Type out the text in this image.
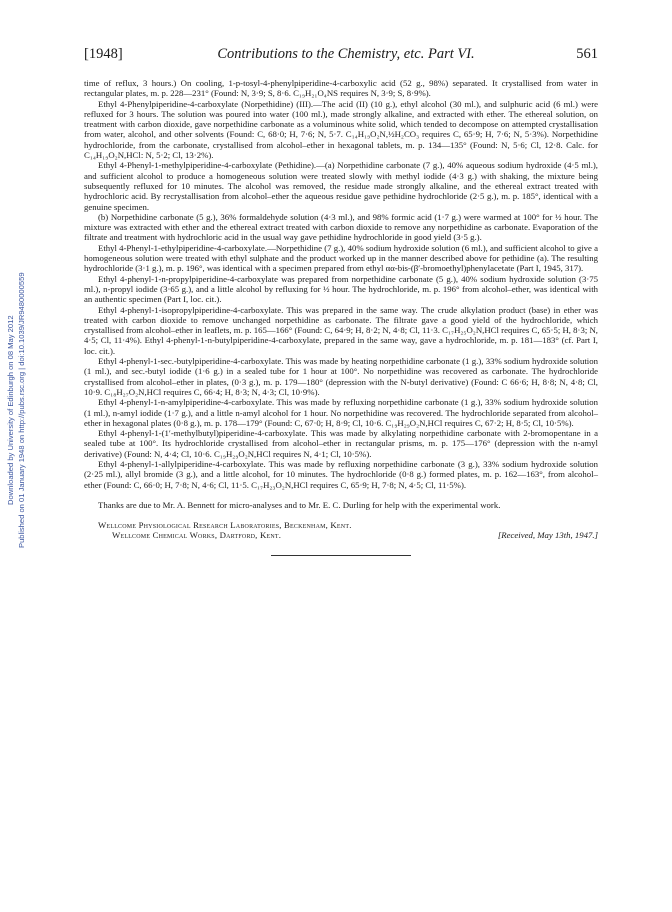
Downloaded by University of Edinburgh on 08 May 2012 Published on 01 January 1948 on http://pubs.rsc.org | doi:10.1039/JR9480000559
[1948]	Contributions to the Chemistry, etc. Part VI.	561

time of reflux, 3 hours.) On cooling, 1-p-tosyl-4-phenylpiperidine-4-carboxylic acid (52 g., 98%) separated. It crystallised from water in rectangular plates, m. p. 228—231° (Found: N, 3·9; S, 8·6. C₁₉H₂₁O₄NS requires N, 3·9; S, 8·9%).

Ethyl 4-Phenylpiperidine-4-carboxylate (Norpethidine) (III).—The acid (II) (10 g.), ethyl alcohol (30 ml.), and sulphuric acid (6 ml.) were refluxed for 3 hours. The solution was poured into water (100 ml.), made strongly alkaline, and extracted with ether. The ethereal solution, on treatment with carbon dioxide, gave norpethidine carbonate as a voluminous white solid, which tended to decompose on attempted crystallisation from water, alcohol, and other solvents (Found: C, 68·0; H, 7·6; N, 5·7. C₁₄H₁₉O₂N,½H₂CO₃ requires C, 65·9; H, 7·6; N, 5·3%). Norpethidine hydrochloride, from the carbonate, crystallised from alcohol–ether in hexagonal tablets, m. p. 134—135° (Found: N, 5·6; Cl, 12·8. Calc. for C₁₄H₁₉O₂N,HCl: N, 5·2; Cl, 13·2%).

Ethyl 4-Phenyl-1-methylpiperidine-4-carboxylate (Pethidine).—(a) Norpethidine carbonate (7 g.), 40% aqueous sodium hydroxide (4·5 ml.), and sufficient alcohol to produce a homogeneous solution were treated slowly with methyl iodide (4·3 g.) with shaking, the mixture being subsequently refluxed for 10 minutes. The alcohol was removed, the residue made strongly alkaline, and the ethereal extract treated with hydrochloric acid. By recrystallisation from alcohol–ether the aqueous residue gave pethidine hydrochloride (2·5 g.), m. p. 185°, identical with a genuine specimen.

(b) Norpethidine carbonate (5 g.), 36% formaldehyde solution (4·3 ml.), and 98% formic acid (1·7 g.) were warmed at 100° for ½ hour. The mixture was extracted with ether and the ethereal extract treated with carbon dioxide to remove any norpethidine as carbonate. Evaporation of the filtrate and treatment with hydrochloric acid in the usual way gave pethidine hydrochloride in good yield (3·5 g.).

Ethyl 4-Phenyl-1-ethylpiperidine-4-carboxylate.—Norpethidine (7 g.), 40% sodium hydroxide solution (6 ml.), and sufficient alcohol to give a homogeneous solution were treated with ethyl sulphate and the product worked up in the manner described above for pethidine (a). The resulting hydrochloride (3·1 g.), m. p. 196°, was identical with a specimen prepared from ethyl αα-bis-(β′-bromoethyl)phenylacetate (Part I, 1945, 317).

Ethyl 4-phenyl-1-n-propylpiperidine-4-carboxylate was prepared from norpethidine carbonate (5 g.), 40% sodium hydroxide solution (3·75 ml.), n-propyl iodide (3·65 g.), and a little alcohol by refluxing for ½ hour. The hydrochloride, m. p. 196° from alcohol–ether, was identical with an authentic specimen (Part I, loc. cit.).

Ethyl 4-phenyl-1-isopropylpiperidine-4-carboxylate. This was prepared in the same way. The crude alkylation product (base) in ether was treated with carbon dioxide to remove unchanged norpethidine as carbonate. The filtrate gave a good yield of the hydrochloride, which crystallised from alcohol–ether in leaflets, m. p. 165—166° (Found: C, 64·9; H, 8·2; N, 4·8; Cl, 11·3. C₁₇H₂₅O₂N,HCl requires C, 65·5; H, 8·3; N, 4·5; Cl, 11·4%). Ethyl 4-phenyl-1-n-butylpiperidine-4-carboxylate, prepared in the same way, gave a hydrochloride, m. p. 181—183° (cf. Part I, loc. cit.).

Ethyl 4-phenyl-1-sec.-butylpiperidine-4-carboxylate. This was made by heating norpethidine carbonate (1 g.), 33% sodium hydroxide solution (1 ml.), and sec.-butyl iodide (1·6 g.) in a sealed tube for 1 hour at 100°. No norpethidine was recovered as carbonate. The hydrochloride crystallised from alcohol–ether in plates, (0·3 g.), m. p. 179—180° (depression with the N-butyl derivative) (Found: C 66·6; H, 8·8; N, 4·8; Cl, 10·9. C₁₈H₂₇O₂N,HCl requires C, 66·4; H, 8·3; N, 4·3; Cl, 10·9%).

Ethyl 4-phenyl-1-n-amylpiperidine-4-carboxylate. This was made by refluxing norpethidine carbonate (1 g.), 33% sodium hydroxide solution (1 ml.), n-amyl iodide (1·7 g.), and a little n-amyl alcohol for 1 hour. No norpethidine was recovered. The hydrochloride separated from alcohol–ether in hexagonal plates (0·8 g.), m. p. 178—179° (Found: C, 67·0; H, 8·9; Cl, 10·6. C₁₉H₂₉O₂N,HCl requires C, 67·2; H, 8·5; Cl, 10·5%).

Ethyl 4-phenyl-1-(1′-methylbutyl)piperidine-4-carboxylate. This was made by alkylating norpethidine carbonate with 2-bromopentane in a sealed tube at 100°. Its hydrochloride crystallised from alcohol–ether in rectangular prisms, m. p. 175—176° (depression with the n-amyl derivative) (Found: N, 4·4; Cl, 10·6. C₁₉H₂₉O₂N,HCl requires N, 4·1; Cl, 10·5%).

Ethyl 4-phenyl-1-allylpiperidine-4-carboxylate. This was made by refluxing norpethidine carbonate (3 g.), 33% sodium hydroxide solution (2·25 ml.), allyl bromide (3 g.), and a little alcohol, for 10 minutes. The hydrochloride (0·8 g.) formed plates, m. p. 162—163°, from alcohol–ether (Found: C, 66·0; H, 7·8; N, 4·6; Cl, 11·5. C₁₇H₂₃O₂N,HCl requires C, 65·9; H, 7·8; N, 4·5; Cl, 11·5%).

Thanks are due to Mr. A. Bennett for micro-analyses and to Mr. E. C. Durling for help with the experimental work.

Wellcome Physiological Research Laboratories, Beckenham, Kent.

Wellcome Chemical Works, Dartford, Kent.	[Received, May 13th, 1947.]
